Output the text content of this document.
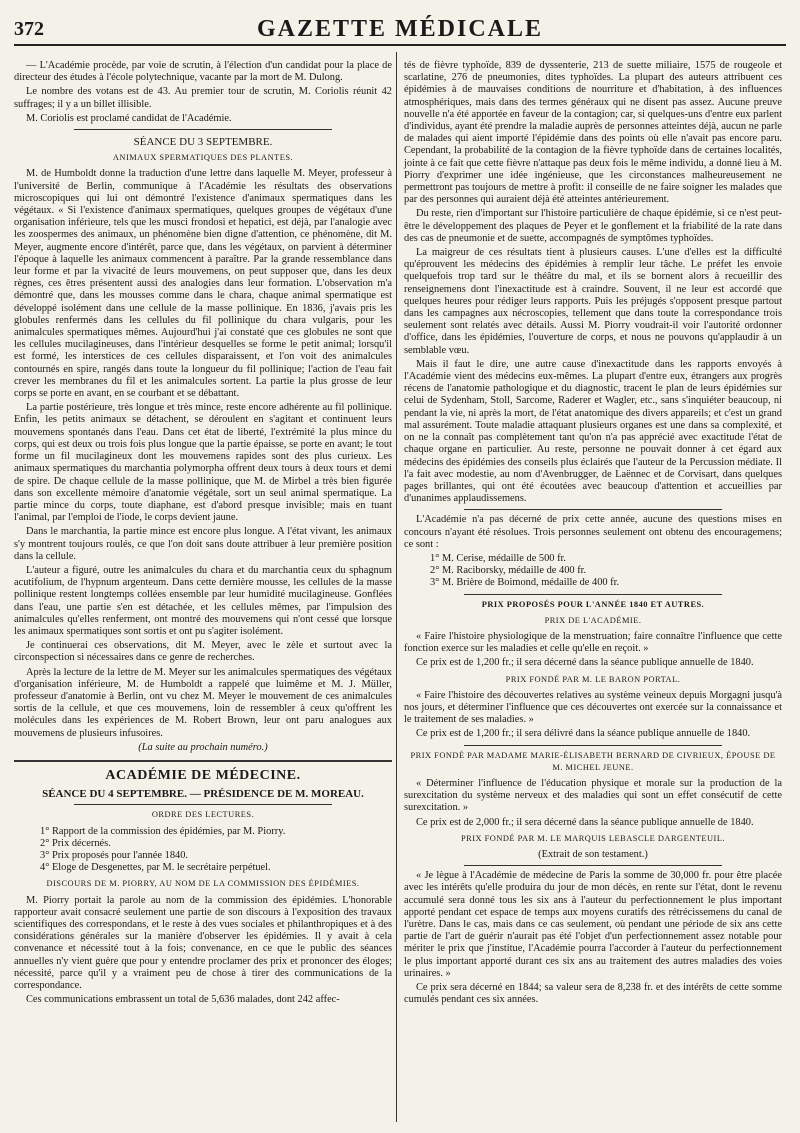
372	GAZETTE MÉDICALE

— L'Académie procède, par voie de scrutin, à l'élection d'un candidat pour la place de directeur des études à l'école polytechnique, vacante par la mort de M. Dulong.

Le nombre des votans est de 43. Au premier tour de scrutin, M. Coriolis réunit 42 suffrages; il y a un billet illisible.

M. Coriolis est proclamé candidat de l'Académie.

SÉANCE DU 3 SEPTEMBRE.

ANIMAUX SPERMATIQUES DES PLANTES.

M. de Humboldt donne la traduction d'une lettre dans laquelle M. Meyer, professeur à l'université de Berlin, communique à l'Académie les résultats des observations microscopiques qui lui ont démontré l'existence d'animaux spermatiques dans les végétaux. « Si l'existence d'animaux spermatiques, quelques groupes de végétaux d'une organisation inférieure, tels que les musci frondosi et hepatici, est déjà, par l'analogie avec les zoospermes des animaux, un phénomène bien digne d'attention, ce phénomène, dit M. Meyer, augmente encore d'intérêt, parce que, dans les végétaux, on parvient à déterminer l'époque à laquelle les animaux commencent à paraître. Par la grande ressemblance dans leur forme et par la vivacité de leurs mouvemens, on peut supposer que, dans les deux règnes, ces êtres présentent aussi des analogies dans leur formation. L'observation m'a démontré que, dans les mousses comme dans le chara, chaque animal spermatique est développé isolément dans une cellule de la masse pollinique. En 1836, j'avais pris les globules renfermés dans les cellules du fil pollinique du chara vulgaris, pour les animalcules spermatiques mêmes. Aujourd'hui j'ai constaté que ces globules ne sont que les cellules mucilagineuses, dans l'intérieur desquelles se forme le petit animal; lorsqu'il est formé, les interstices de ces cellules disparaissent, et l'on voit des animalcules contournés en spire, rangés dans toute la longueur du fil pollinique; l'action de l'eau fait crever les membranes du fil et les animalcules sortent. La partie la plus grosse de leur corps se porte en avant, en se courbant et se débattant.

La partie postérieure, très longue et très mince, reste encore adhérente au fil pollinique. Enfin, les petits animaux se détachent, se déroulent en s'agitant et continuent leurs mouvemens spontanés dans l'eau. Dans cet état de liberté, l'extrémité la plus mince du corps, qui est deux ou trois fois plus longue que la partie épaisse, se porte en avant; le tout forme un fil mucilagineux dont les mouvemens rapides sont des plus curieux. Les animaux spermatiques du marchantia polymorpha offrent deux tours à deux tours et demi de spire. De chaque cellule de la masse pollinique, que M. de Mirbel a très bien figurée dans son excellente mémoire d'anatomie végétale, sort un seul animal spermatique. La partie mince du corps, toute diaphane, est d'abord presque invisible; mais en tuant l'animal, par l'emploi de l'iode, le corps devient jaune.

Dans le marchantia, la partie mince est encore plus longue. A l'état vivant, les animaux s'y montrent toujours roulés, ce que l'on doit sans doute attribuer à leur première position dans la cellule.

L'auteur a figuré, outre les animalcules du chara et du marchantia ceux du sphagnum acutifolium, de l'hypnum argenteum. Dans cette dernière mousse, les cellules de la masse pollinique restent longtemps collées ensemble par leur humidité mucilagineuse. Gonflées dans l'eau, une partie s'en est détachée, et les cellules mêmes, par l'impulsion des animalcules qu'elles renferment, ont montré des mouvemens qui n'ont cessé que lorsque les animaux spermatiques sont sortis et ont pu s'agiter isolément.

Je continuerai ces observations, dit M. Meyer, avec le zèle et surtout avec la circonspection si nécessaires dans ce genre de recherches.

Après la lecture de la lettre de M. Meyer sur les animalcules spermatiques des végétaux d'organisation inférieure, M. de Humboldt a rappelé que luimême et M. J. Müller, professeur d'anatomie à Berlin, ont vu chez M. Meyer le mouvement de ces animalcules sortis de la cellule, et que ces mouvemens, loin de ressembler à ceux qu'offrent les molécules dans les expériences de M. Robert Brown, leur ont paru analogues aux mouvemens de plusieurs infusoires.

(La suite au prochain numéro.)

ACADÉMIE DE MÉDECINE.

SÉANCE DU 4 SEPTEMBRE. — PRÉSIDENCE DE M. MOREAU.

ORDRE DES LECTURES.

1° Rapport de la commission des épidémies, par M. Piorry.
2° Prix décernés.
3° Prix proposés pour l'année 1840.
4° Eloge de Desgenettes, par M. le secrétaire perpétuel.

DISCOURS DE M. PIORRY, AU NOM DE LA COMMISSION DES ÉPIDÉMIES.

M. Piorry portait la parole au nom de la commission des épidémies. L'honorable rapporteur avait consacré seulement une partie de son discours à l'exposition des travaux scientifiques des correspondans, et le reste à des vues sociales et philanthropiques et à des considérations générales sur la manière d'observer les épidémies. Il y avait à cela convenance et nécessité tout à la fois; convenance, en ce que le public des séances annuelles n'y vient guère que pour y entendre proclamer des prix et prononcer des éloges; nécessité, parce qu'il y a vraiment peu de chose à tirer des communications de la correspondance.

Ces communications embrassent un total de 5,636 malades, dont 242 affec-

tés de fièvre typhoïde, 839 de dyssenterie, 213 de suette miliaire, 1575 de rougeole et scarlatine, 276 de pneumonies, dites typhoïdes. La plupart des auteurs attribuent ces épidémies à de mauvaises conditions de nourriture et d'habitation, à des influences atmosphériques, mais dans des termes généraux qui ne disent pas assez. Aucune preuve nouvelle n'a été apportée en faveur de la contagion; car, si quelques-uns d'entre eux parlent d'individus, ayant été prendre la maladie auprès de personnes atteintes déjà, aucun ne parle de malades qui aient importé l'épidémie dans des points où elle n'avait pas encore paru. Cependant, la probabilité de la contagion de la fièvre typhoïde dans de certaines localités, jointe à ce fait que cette fièvre n'attaque pas deux fois le même individu, a donné lieu à M. Piorry d'exprimer une idée ingénieuse, que les circonstances malheureusement ne permettront pas toujours de mettre à profit: il conseille de ne faire soigner les malades que par des personnes qui auraient déjà été atteintes antérieurement.

Du reste, rien d'important sur l'histoire particulière de chaque épidémie, si ce n'est peut-être le développement des plaques de Peyer et le gonflement et la friabilité de la rate dans des cas de pneumonie et de suette, accompagnés de symptômes typhoïdes.

La maigreur de ces résultats tient à plusieurs causes. L'une d'elles est la difficulté qu'éprouvent les médecins des épidémies à remplir leur tâche. Le préfet les envoie quelquefois trop tard sur le théâtre du mal, et ils se bornent alors à recueillir des renseignemens dont l'inexactitude est à craindre. Souvent, il ne leur est accordé que quelques heures pour rédiger leurs rapports. Puis les préjugés s'opposent presque partout dans les campagnes aux nécroscopies, tellement que dans toute la correspondance trois seulement sont relatés avec détails. Aussi M. Piorry voudrait-il voir l'autorité ordonner d'office, dans les épidémies, l'ouverture de corps, et nous ne pouvons qu'applaudir à un semblable vœu.

Mais il faut le dire, une autre cause d'inexactitude dans les rapports envoyés à l'Académie vient des médecins eux-mêmes. La plupart d'entre eux, étrangers aux progrès récens de l'anatomie pathologique et du diagnostic, tracent le plan de leurs épidémies sur celui de Sydenham, Stoll, Sarcome, Raderer et Wagler, etc., sans s'inquiéter beaucoup, ni pendant la vie, ni après la mort, de l'état anatomique des divers appareils; et c'est un grand mal assurément. Toute maladie attaquant plusieurs organes est une dans sa complexité, et on ne la connaît pas complètement tant qu'on n'a pas apprécié avec exactitude l'état de chaque organe en particulier. Au reste, personne ne pouvait donner à cet égard aux médecins des épidémies des conseils plus éclairés que l'auteur de la Percussion médiate. Il l'a fait avec modestie, au nom d'Avenbrugger, de Laënnec et de Corvisart, dans quelques pages brillantes, qui ont été écoutées avec beaucoup d'attention et accueillies par d'unanimes applaudissemens.

L'Académie n'a pas décerné de prix cette année, aucune des questions mises en concours n'ayant été résolues. Trois personnes seulement ont obtenu des encouragemens; ce sont :

1° M. Cerise, médaille de 500 fr.
2° M. Raciborsky, médaille de 400 fr.
3° M. Brière de Boimond, médaille de 400 fr.

PRIX PROPOSÉS POUR L'ANNÉE 1840 ET AUTRES.

PRIX DE L'ACADÉMIE.

« Faire l'histoire physiologique de la menstruation; faire connaître l'influence que cette fonction exerce sur les maladies et celle qu'elle en reçoit. »

Ce prix est de 1,200 fr.; il sera décerné dans la séance publique annuelle de 1840.

PRIX FONDÉ PAR M. LE BARON PORTAL.

« Faire l'histoire des découvertes relatives au système veineux depuis Morgagni jusqu'à nos jours, et déterminer l'influence que ces découvertes ont exercée sur la connaissance et le traitement de ses maladies. »

Ce prix est de 1,200 fr.; il sera délivré dans la séance publique annuelle de 1840.

PRIX FONDÉ PAR MADAME MARIE-ÉLISABETH BERNARD DE CIVRIEUX, ÉPOUSE DE M. MICHEL JEUNE.

« Déterminer l'influence de l'éducation physique et morale sur la production de la surexcitation du système nerveux et des maladies qui sont un effet consécutif de cette surexcitation. »

Ce prix est de 2,000 fr.; il sera décerné dans la séance publique annuelle de 1840.

PRIX FONDÉ PAR M. LE MARQUIS LEBASCLE DARGENTEUIL.

(Extrait de son testament.)

« Je lègue à l'Académie de médecine de Paris la somme de 30,000 fr. pour être placée avec les intérêts qu'elle produira du jour de mon décès, en rente sur l'état, dont le revenu accumulé sera donné tous les six ans à l'auteur du perfectionnement le plus important apporté pendant cet espace de temps aux moyens curatifs des rétrécissemens du canal de l'urètre. Dans le cas, mais dans ce cas seulement, où pendant une période de six ans cette partie de l'art de guérir n'aurait pas été l'objet d'un perfectionnement assez notable pour mériter le prix que j'institue, l'Académie pourra l'accorder à l'auteur du perfectionnement le plus important apporté durant ces six ans au traitement des autres maladies des voies urinaires. »

Ce prix sera décerné en 1844; sa valeur sera de 8,238 fr. et des intérêts de cette somme cumulés pendant ces six années.
